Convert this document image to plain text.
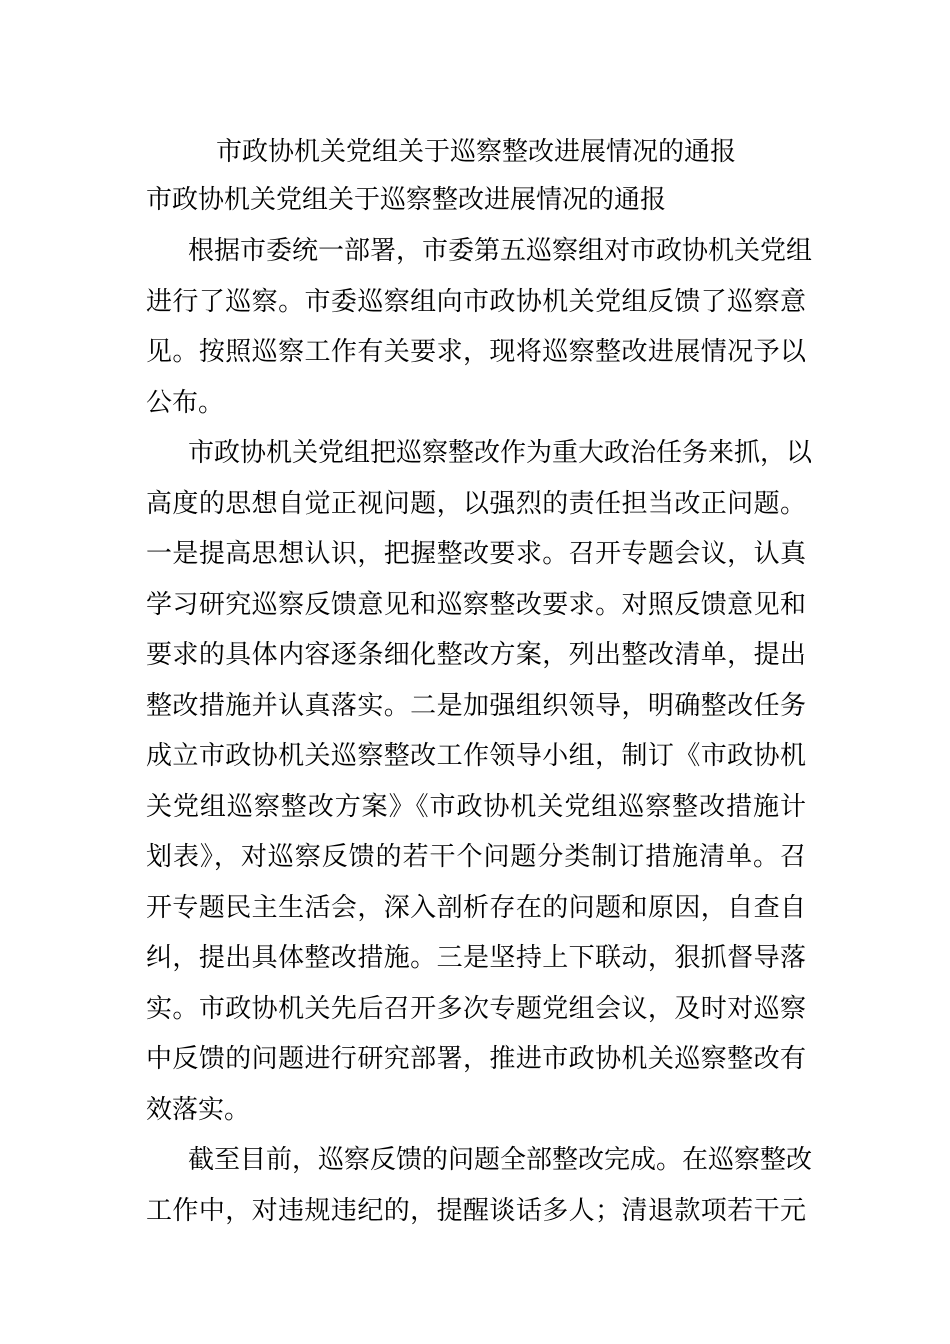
市政协机关党组关于巡察整改进展情况的通报
市政协机关党组关于巡察整改进展情况的通报
根据市委统一部署，市委第五巡察组对市政协机关党组
进行了巡察。市委巡察组向市政协机关党组反馈了巡察意
见。按照巡察工作有关要求，现将巡察整改进展情况予以
公布。
市政协机关党组把巡察整改作为重大政治任务来抓，以
高度的思想自觉正视问题，以强烈的责任担当改正问题。
一是提高思想认识，把握整改要求。召开专题会议，认真
学习研究巡察反馈意见和巡察整改要求。对照反馈意见和
要求的具体内容逐条细化整改方案，列出整改清单，提出
整改措施并认真落实。二是加强组织领导，明确整改任务
成立市政协机关巡察整改工作领导小组，制订《市政协机
关党组巡察整改方案》《市政协机关党组巡察整改措施计
划表》，对巡察反馈的若干个问题分类制订措施清单。召
开专题民主生活会，深入剖析存在的问题和原因，自查自
纠，提出具体整改措施。三是坚持上下联动，狠抓督导落
实。市政协机关先后召开多次专题党组会议，及时对巡察
中反馈的问题进行研究部署，推进市政协机关巡察整改有
效落实。
截至目前，巡察反馈的问题全部整改完成。在巡察整改
工作中，对违规违纪的，提醒谈话多人；清退款项若干元
